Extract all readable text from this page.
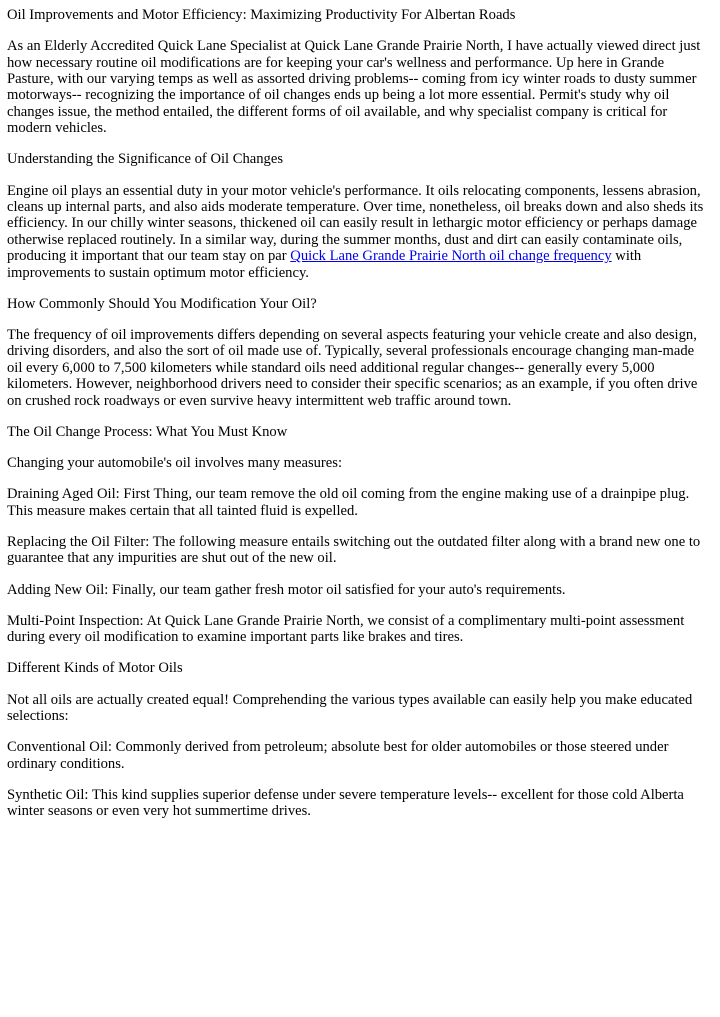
Oil Improvements and Motor Efficiency: Maximizing Productivity For Albertan Roads

As an Elderly Accredited Quick Lane Specialist at Quick Lane Grande Prairie North, I have actually viewed direct just how necessary routine oil modifications are for keeping your car's wellness and performance. Up here in Grande Pasture, with our varying temps as well as assorted driving problems-- coming from icy winter roads to dusty summer motorways-- recognizing the importance of oil changes ends up being a lot more essential. Permit's study why oil changes issue, the method entailed, the different forms of oil available, and why specialist company is critical for modern vehicles.

Understanding the Significance of Oil Changes

Engine oil plays an essential duty in your motor vehicle's performance. It oils relocating components, lessens abrasion, cleans up internal parts, and also aids moderate temperature. Over time, nonetheless, oil breaks down and also sheds its efficiency. In our chilly winter seasons, thickened oil can easily result in lethargic motor efficiency or perhaps damage otherwise replaced routinely. In a similar way, during the summer months, dust and dirt can easily contaminate oils, producing it important that our team stay on par Quick Lane Grande Prairie North oil change frequency with improvements to sustain optimum motor efficiency.

How Commonly Should You Modification Your Oil?

The frequency of oil improvements differs depending on several aspects featuring your vehicle create and also design, driving disorders, and also the sort of oil made use of. Typically, several professionals encourage changing man-made oil every 6,000 to 7,500 kilometers while standard oils need additional regular changes-- generally every 5,000 kilometers. However, neighborhood drivers need to consider their specific scenarios; as an example, if you often drive on crushed rock roadways or even survive heavy intermittent web traffic around town.

The Oil Change Process: What You Must Know

Changing your automobile's oil involves many measures:

Draining Aged Oil: First Thing, our team remove the old oil coming from the engine making use of a drainpipe plug. This measure makes certain that all tainted fluid is expelled.

Replacing the Oil Filter: The following measure entails switching out the outdated filter along with a brand new one to guarantee that any impurities are shut out of the new oil.

Adding New Oil: Finally, our team gather fresh motor oil satisfied for your auto's requirements.

Multi-Point Inspection: At Quick Lane Grande Prairie North, we consist of a complimentary multi-point assessment during every oil modification to examine important parts like brakes and tires.

Different Kinds of Motor Oils

Not all oils are actually created equal! Comprehending the various types available can easily help you make educated selections:

Conventional Oil: Commonly derived from petroleum; absolute best for older automobiles or those steered under ordinary conditions.

Synthetic Oil: This kind supplies superior defense under severe temperature levels-- excellent for those cold Alberta winter seasons or even very hot summertime drives.
